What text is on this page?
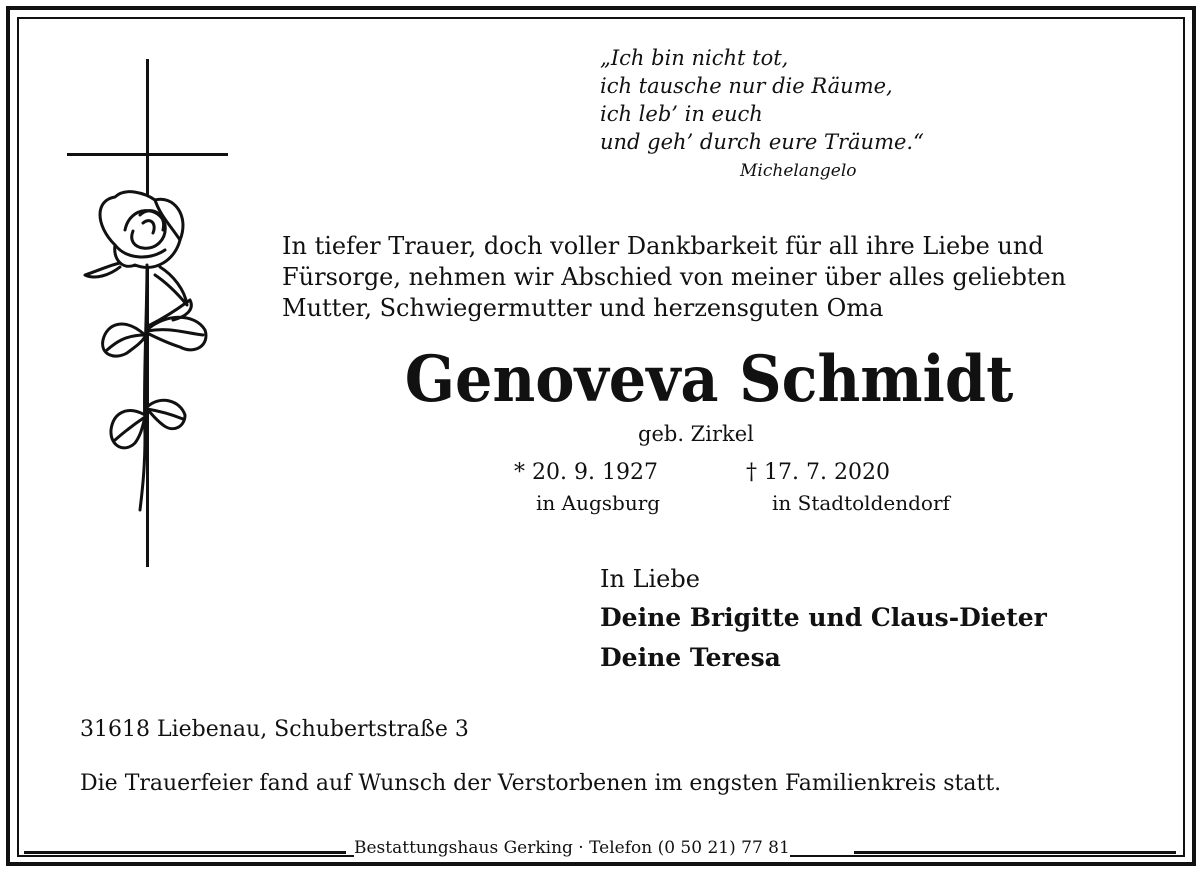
„Ich bin nicht tot,
ich tausche nur die Räume,
ich leb’ in euch
und geh’ durch eure Träume.“
Michelangelo
In tiefer Trauer, doch voller Dankbarkeit für all ihre Liebe und
Fürsorge, nehmen wir Abschied von meiner über alles geliebten
Mutter, Schwiegermutter und herzensguten Oma
Genoveva Schmidt
geb. Zirkel
* 20. 9. 1927
in Augsburg
† 17. 7. 2020
in Stadtoldendorf
In Liebe
Deine Brigitte und Claus-Dieter
Deine Teresa
31618 Liebenau, Schubertstraße 3
Die Trauerfeier fand auf Wunsch der Verstorbenen im engsten Familienkreis statt.
Bestattungshaus Gerking · Telefon (0 50 21) 77 81
